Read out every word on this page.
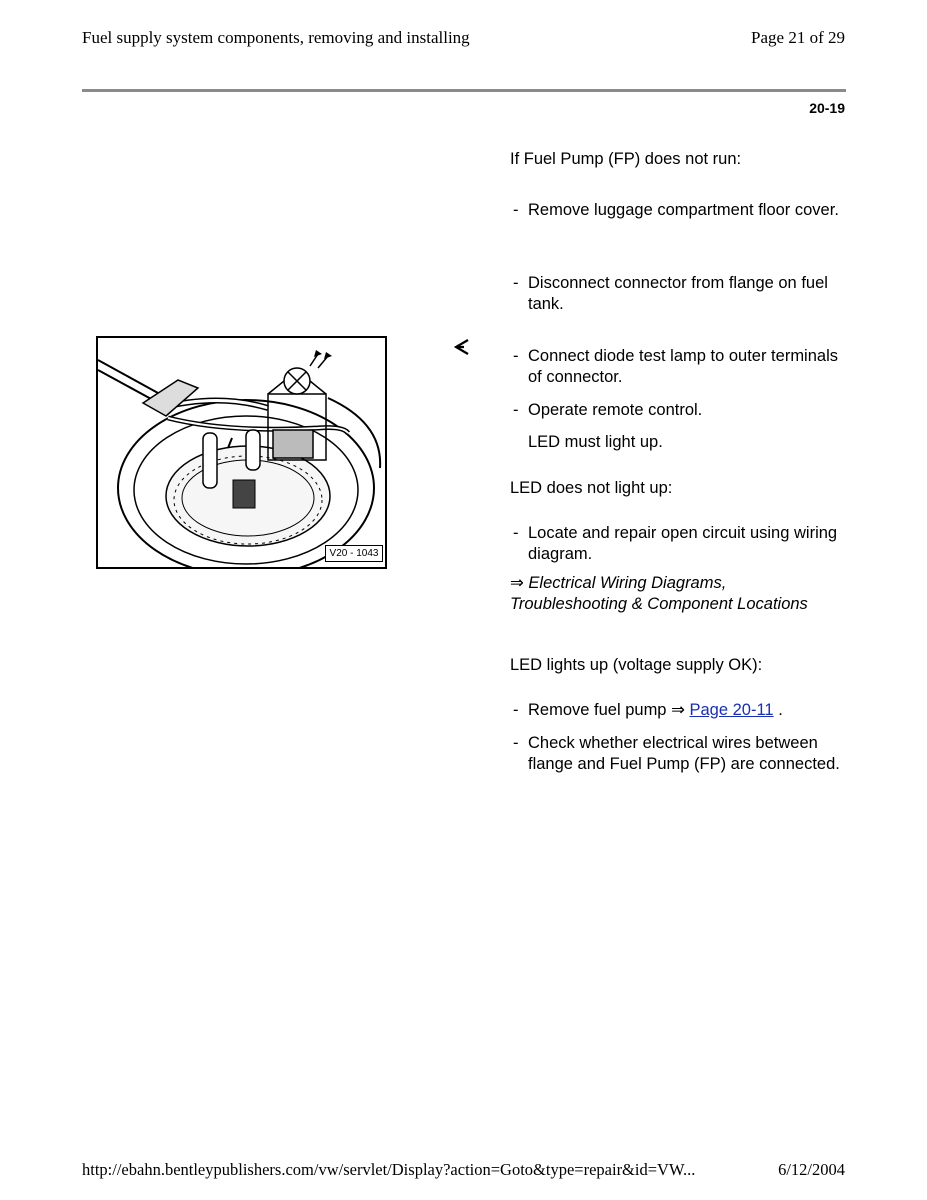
Fuel supply system components, removing and installing	Page 21 of 29
20-19
V20 - 1043
If Fuel Pump (FP) does not run:
- Remove luggage compartment floor cover.
- Disconnect connector from flange on fuel tank.
- Connect diode test lamp to outer terminals of connector.
- Operate remote control.
LED must light up.
LED does not light up:
- Locate and repair open circuit using wiring diagram.
⇒ Electrical Wiring Diagrams, Troubleshooting & Component Locations
LED lights up (voltage supply OK):
- Remove fuel pump ⇒ Page 20-11 .
- Check whether electrical wires between flange and Fuel Pump (FP) are connected.
http://ebahn.bentleypublishers.com/vw/servlet/Display?action=Goto&type=repair&id=VW...	6/12/2004
